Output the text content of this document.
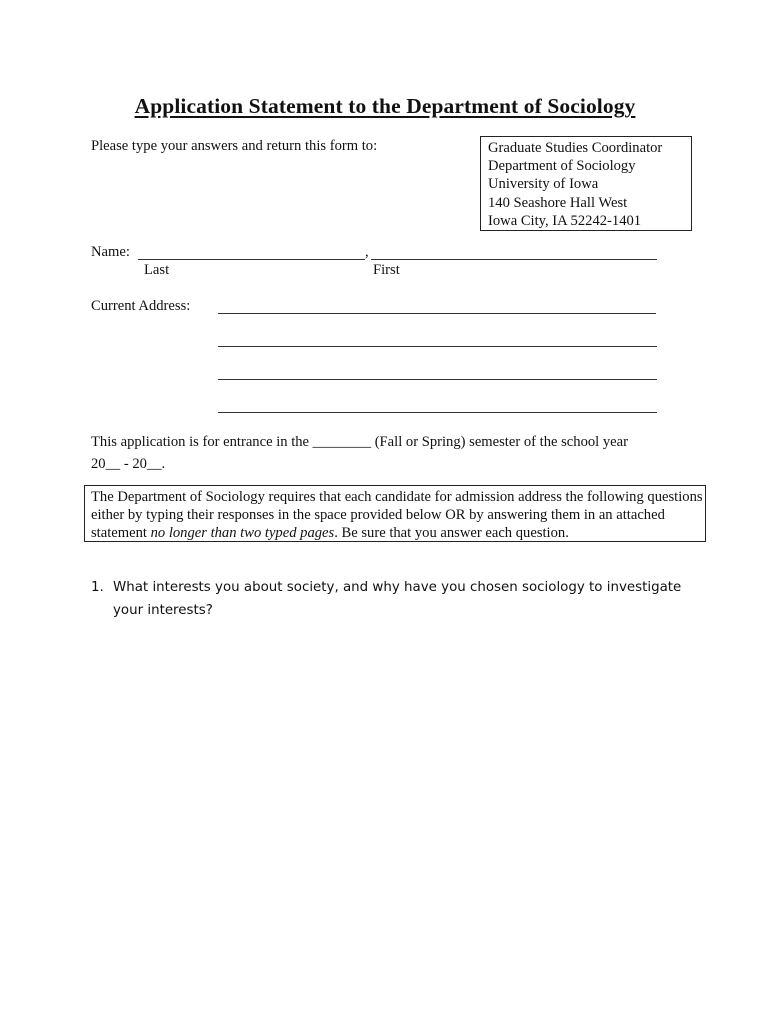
Application Statement to the Department of Sociology
Please type your answers and return this form to:	Graduate Studies Coordinator
Department of Sociology
University of Iowa
140 Seashore Hall West
Iowa City, IA 52242-1401
Name:	,
Last	First
Current Address:
This application is for entrance in the ________ (Fall or Spring) semester of the school year
20__ - 20__.
The Department of Sociology requires that each candidate for admission address the following questions either by typing their responses in the space provided below OR by answering them in an attached statement no longer than two typed pages. Be sure that you answer each question.
1. What interests you about society, and why have you chosen sociology to investigate your interests?
